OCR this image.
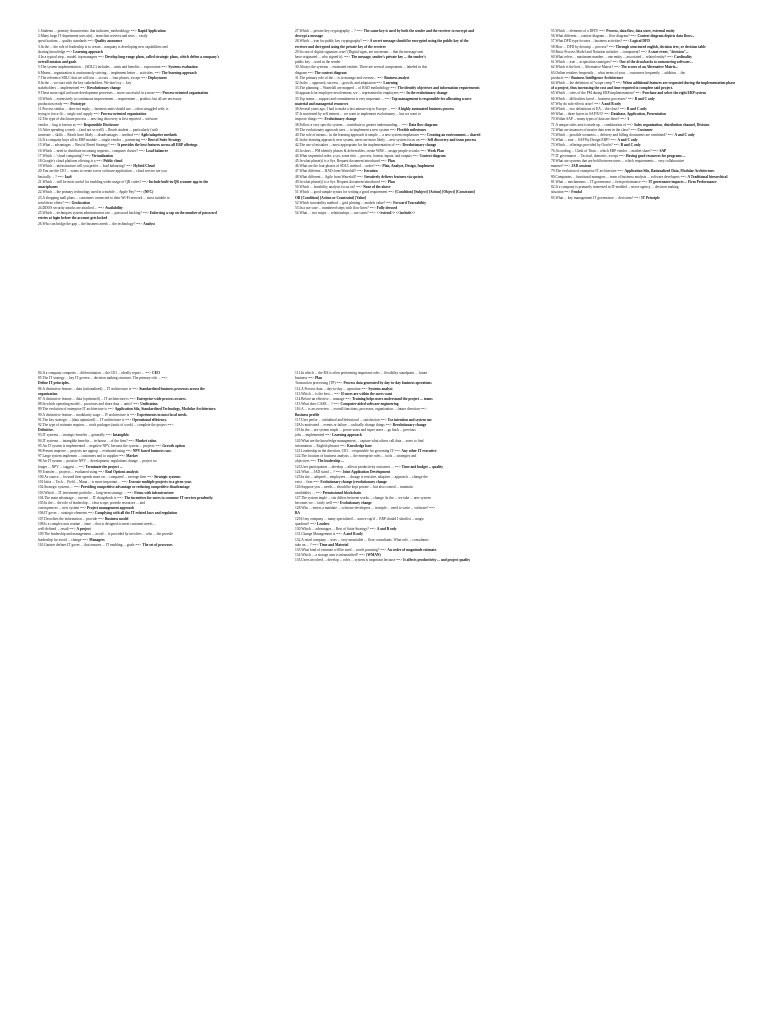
1.Students ... primary characteristic that indicates_methodology ==> Rapid Application

2.Many large IT department uses a(n)... team that reviews and tests ... vastly

specifications ... quality standards ==> Quality assurance

3.In the ... the role of leadership is to create... company is developing new capabilities and

sharing knowledge ==> Learning approach

4.In a typical step... model, top managers ==> Develop long-range plans, called strategic plans, which define a company's overall mission and goals

5.The system implementation ... (SDLC) includes ... units and benefits ... expectation ==> Systems evaluation

6.Means... organization is continuously striving ... implement better ... activities. ==> The learning approach

7.The reference SDLC that we will use ... occurs ... four phases, except ==> Deployment

8.In the ... we start with the key stakeholders. We don't try ... key

stakeholders ... implemented ==> Revolutionary change

9.These more rigid software development processes ... more successful in a more ==> Process-oriented organization

10.Which ... extensively to continuous improvement ... requirement ... product, but all are necessary

production ready ==> Prototype

11.Process similar ... does not imply ... business units should use ... often struggled with, is

trying to force fit ... single tool supply ==> Process-oriented organization

12.The type of disclosure process ... new bug discovery is first reported ... software

vendor ... bug is known as ==> Responsible Disclosure

13.After spending a week ... (and not so well) ... Reach student ... particularly (with

someone ... skills ... Reach have likely ... disadvantages ... method ==> Agile/adaptive methods

14.If a company buys all its ERP module ... single vendor ... partnering ==> Best of Suite Strategy

15.What ... advantages ... Best of Breed Strategy? ==> It provides the best features across all ERP offerings

16.Which ... need to distribute incoming requests... computer cluster? ==> Load balancer

17.Which ... 'cloud computing'? ==> Virtualization

18.Google's cloud platform offering is a ==> Public cloud

19.Which ... infrastructure will you prefer ... load balancing? ==> Hybrid Cloud

20.You are the CIO ... wants to create a new software application ... cloud service are you

basically ... ? ==> IaaS

21.Which ... will be most useful for enabling wider usage of QR codes? ==> Include built-in QR scanner app in the smartphones

22.Which ... the primary technology used in a mobile ... Apple Pay? ==> (NFC)

23.A shopping mall plans ... customers connected to their Wi-Fi network ... most suitable to

send these offers? ==> Geolocation

24.DDOS security attacks are attacked ... ==> Availability

25.Which ... techniques system administrators use ... password hacking? ==> Enforcing a cap on the number of password retries at login before the account gets locked

26.Who can bridge the gap ... the business needs ... the technology? ==> Analyst

27.Which ... private key cryptography ... ? ==> The same key is used by both the sender and the receiver to encrypt and decrypt a message

28.Which ... true for public key cryptography? ==> A secret message should be encrypted using the public key of the receiver and decrypted using the private key of the receiver

29.In case of digital signature, true? (Digital signs, are not meant ... that the message sent

have originated ... who signed it). ==> The message, sender's private key ... the sender's

public key ... used in the sender

30.Always the systems ... estimated entities. There are several components ... labeled in this

diagram ==> The context diagram

31.The primary role of the ... is to manage and oversee... ==> Business analyst

32.In the ... approach, success ... growth, and adaptation ==> Learning

33.The planning ... Waterfall are mapped ... of RAD methodology ==> The identify objectives and information requirements

34.approach for employee involvement, we ... represented in employees ==> In the evolutionary change

35.Top teams ... support and commitment is very important ... ==> Top management is responsible for allocating scarce material and managerial resources

36.Several years ago, I had to make a last minute trip to Europe ... ==> A highly automated business process

37.Is motivated by self interest ... we want to implement evolutionary ... but we want to

improve things ==> Evolutionary change

38.Follow a very specific system ... contribute to greater understanding ... ==> Data flow diagram

39.The evolutionary approach uses ... to implement a new system ==> Flexible milestones

40.The role of means... in the learning approach is simple ... a new system emphasizes ==> Creating an environment ... shared

41.In the learning approach, new system, users are more likely ... new system focus on ==> Self discovery and team process

42.The use of mistakes ... most appropriate for the implementation of ==> Revolutionary change

43.In short ... PM identify phases & deliverables, create WBS ... assign people to tasks ==> Work Plan

44.What sequential order, a sys, some info ... process, format, inputs, and outputs ==> Context diagram

45.In what phase(s) is a Sys. Request document introduced ==> Plan

46.What are the four phases of SDLC method ... order? ==> Plan, Analyze, Design, Implement

47.What different ... RAD from Waterfall? ==> Iteration

48.What different ... Agile from Waterfall? ==> Iteratively delivers features via sprints

49.In what phase(s) is a Sys. Request document introduced ==> Plan

50.Which ... feasibility analysis focus on? ==> None of the above

51.Which ... good sample syntax for writing a good requirement ==> [Condition] [Subject] [Action] [Object] [Constraint] OR [Condition] [Action or Constraint] [Value]

52.Which traceability method ... grid plotting ... models value? ==> Forward Traceability

53.In a use case ... numbered steps with flow lines? ==> Fully dressed

54.What ... two major ... relationships ... use cases? ==> <<extend>> <<include>>

55.Which ... elements of a DFD? ==> Process, data flow, data store, external entity

56.What different ... context diagram ... flow diagram? ==> Context diagram depicts data flows...

57.What DFD type focuses ... business activities? ==> Logical DFD

58.How ... DFD by decomp ... process? ==> Through structured english, decision tree, or decision table

59.Basic Process Model and Notation includes ... component? ==> A start event, "decision"...

60.What refers ... maximum number ... one entity ... associated ... related entity? ==> Cardinality

61.Which ... true ... acquisition strategies? ==> One of the drawbacks to outsourcing software...

62.Which is the best ... Alternative Matrix? ==> The scores of an Alternative Matrix...

63.Online retailers frequently ... what terms of your ... customers frequently ... addition ... the

products ==> Business Intelligence Architecture

64.Which ... the definition of "scope creep"? ==> When additional features are requested during the implementation phase of a project, thus increasing the cost and time required to complete said project.

65.Which ... roles of the PM during ERP implementation? ==> Purchase and select the right ERP system

66.Which ... difficulties faced ... business processes? ==> B and C only

67.Why do side effects arise? ==> A and B only

68.Which ... two definitions of EA ... the class? ==> B and C only

69.What ... three layers in SAP R/3? ==> Database, Application, Presentation

70.Within SAP ... many types of data are there? ==> 3

71.A unique sales area is made up ... combination of ==> Sales organization, distribution channel, Division

72.What are instances of master data seen in the class? ==> Customer

73.Which ... possible scenarios ... delivery and billing documents are combined? ==> A and C only

74.What ... true ... SAP By Design ERP? ==> A and C only

75.Which ... offerings provided by Oracle? ==> B and C only

76.According ... Clash of Titan ... which ERP vendor ... market share? ==> SAP

77.IT governance ... Tactical, domestic, except ==> Having good resources for programs ...

78.What are systems that are held between users ... which requirements ... very collaborative

manner? ==> JAD sessions

79.The evolution of enterprise IT architecture ==> Application Silo, Rationalized Data, Modular Architecture.

80.Companies ... functional managers ... team of business analysts ... software developers ==> A Traditional hierarchical

81.What ... mechanisms ... IT governance ... firm performance ==> IT governance impacts ... Firm Performance

82.If a company is primarily interested in IT-enabled ... move agency ... decision making

situation ==> Feudal

83.What ... key management IT governance ... decisions? ==> IT Principle

84.If a company competes ... differentiation ... the CIO ... ideally report ... ==> CEO

85.The IT strategy ... key IT govern ... decision making structure. The primary role ... ==>

Define IT principles.

86.A distinctive feature ... data (rationalized) ... IT architecture is ==> Standardized business processes across the organization

87.A distinctive feature ... data (optimized) ... IT architecture is ==> Enterprise-wide process owners.

88.In which operating model ... processes and share data ... units? ==> Unification.

89.The evolution of enterprise IT architecture is ==> Application Silo, Standardized Technology, Modular Architecture.

90.A distinctive feature ... modularity stage ... IT architecture is ==> Experiments in most local needs.

91.The key strategic ... (data optimized) ... IT architecture is ==> Operational efficiency.

92.The type of estimate requires ... work packages (units of work) ... complete the project ==>

Definitive.

93.IT systems ... strategic benefits ... generally ==> Intangible.

94.IT systems ... intangible benefits ... in-house ... of the firm? ==> Market value.

95.An IT system is implemented ... negative NPV, because the system ... projects ==> Growth option

96.Present improve ... projects are approp ... evaluated using ==> NPV based business case.

97.Large system implemen ... customers and to supplier ==> Market

98.An IT system ... positive NPV ... development, regulations change ... project no

longer ... NPV ... suggest ... ==> Terminate the project ...

99.Transfer ... projects ... evaluated using ==> Real Options analysis

100.As source ... focused firm spends more on ... compared ... average firm ==> Strategic systems

101.Infra ... Tech ... Field ... Mana ... is more important ... ==> Execute multiple projects to a given year.

102.Strategic systems ... ==> Providing competitive advantage or reducing competitive disadvantage

103.Which ... IT investment portfolio ... long-term strategy ... ==> Firms with infrastructure

104.The main advantage ... current ... IT chargeback is ==> The incentives for users to consume IT services prudently.

105.In the ... the role of leadership ... clear scope, provide resources ... and

consequences ... new system ==> Project management approach

106.IT gover ... strategic elements ==> Complying with all the IT related laws and regulation

107.Describes the information ... provide ==> Business model

108.Is a complex non routine ... time ... that is designed to meet customer needs ...

well-defined ... result ==> A project

109.The leadership and management ... avoid ... is provided by involves ... who ... the provide

leadership for avoid ... change ==> Managers

110.Gartner defines IT gover ... that ensures ... IT enabling ... goals ==> The set of processes

111.In which ... the RA is often performing important roles ... flexibility standpoint ... future

business ==> Plan

Transaction processing (TP) ==> Process data generated by day-to-day business operations

112.A Process data ... day-to-day ... operation ==> Systems analyst

113.Which ... is the best ... ==> If users are within the users want

114.Before an effective ... manage ==> Training helps users understand the project ... teams

115.What does CASE ... ? ==> Computer-aided software engineering

116.A ... is an overview ... overall functions, processes, organization ... future direction ==>

Business profile

117.User perfor ... attitudinal and behavioral ... satisfaction ==> Use intention and system use

118.Is motivated ... events or failure ... radically change things ==> Revolutionary change

119.In the ... are system imple ... power users and super users ... go back ... previous

jobs ... implemented ==> Learning approach

120.What are the knowledge management ... capture what others call data ... users to find

information ... English phrases ==> Knowledge base

121.Leadership in the direction, CIO ... responsible for governing IT ==> Any other IT executive

122.The location of business analysts ... the enterprise roles ... tools ... strategies and

objectives ==> The leadership ...

123.User participation ... develop ... affects productivity outcomes ... ==> Time and budget ... quality

124.What ... JAD stand ... ? ==> Joint Application Development

125.In the ... adopted ... employees ... change is resistive, adaptive ... approach ... change the

exist ... firm ==> Evolutionary change (revolutionary change

126.Suppose you ... needs ... should be kept private ... but also control ... maintain

availability ... ==> Permissioned blockchain

127.The system imple ... sits differs between works ... change. In the ... we take ... new system

becomes we ... fairly well ==> Evolutionary change

128.Who ... enters a mandate ... software developers ... in imple ... need to write ... software? ==>

BA

129.If my company ... many specialized ... source cap'd ... ERP should I shortlist ... magic

quadrant? ==> Leaders

130.Which ... advantages ... Best of Suite Strategy? ==> A and B only

131.Change Management is ==> A and B only

132.A retail company ... uses ... very unsuitable ... floor consultants. What role ... consultants

take on ... ? ==> Time and Material

133.What kind of estimate will be used ... worth pursuing? ==> An order of magnitude estimate.

134.Which ... a storage area is mismatched? ==> (WMAN)

135.Users involved ... develop ... roles ... system is important because ==> It affects productivity ... and project quality
